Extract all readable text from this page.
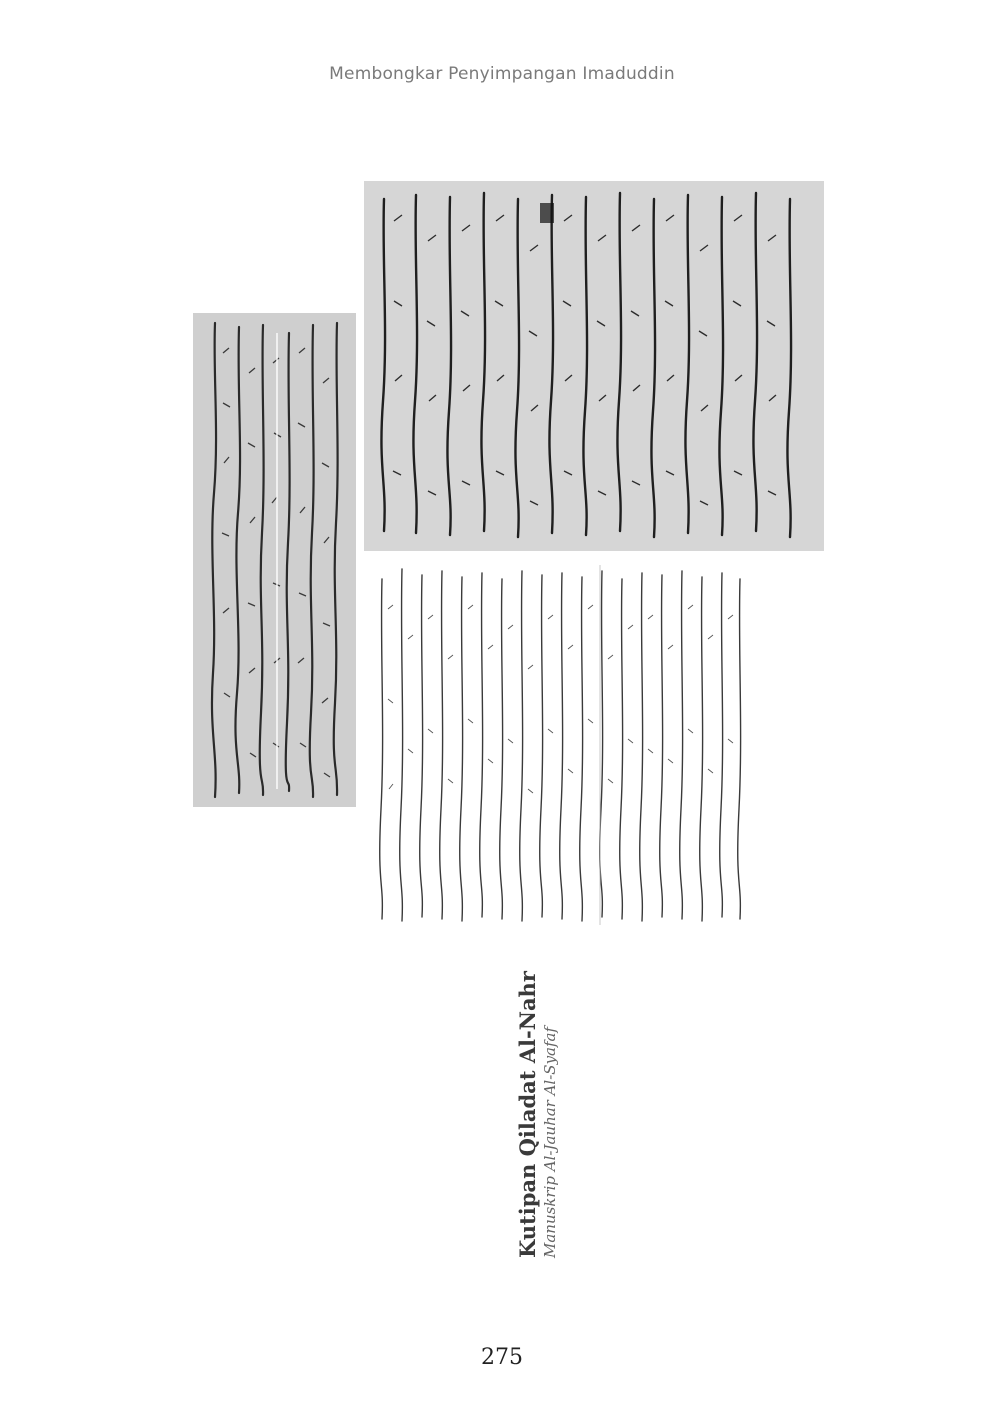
Membongkar Penyimpangan Imaduddin
Kutipan Qiladat Al-Nahr Manuskrip Al-Jauhar Al-Syafaf
275
